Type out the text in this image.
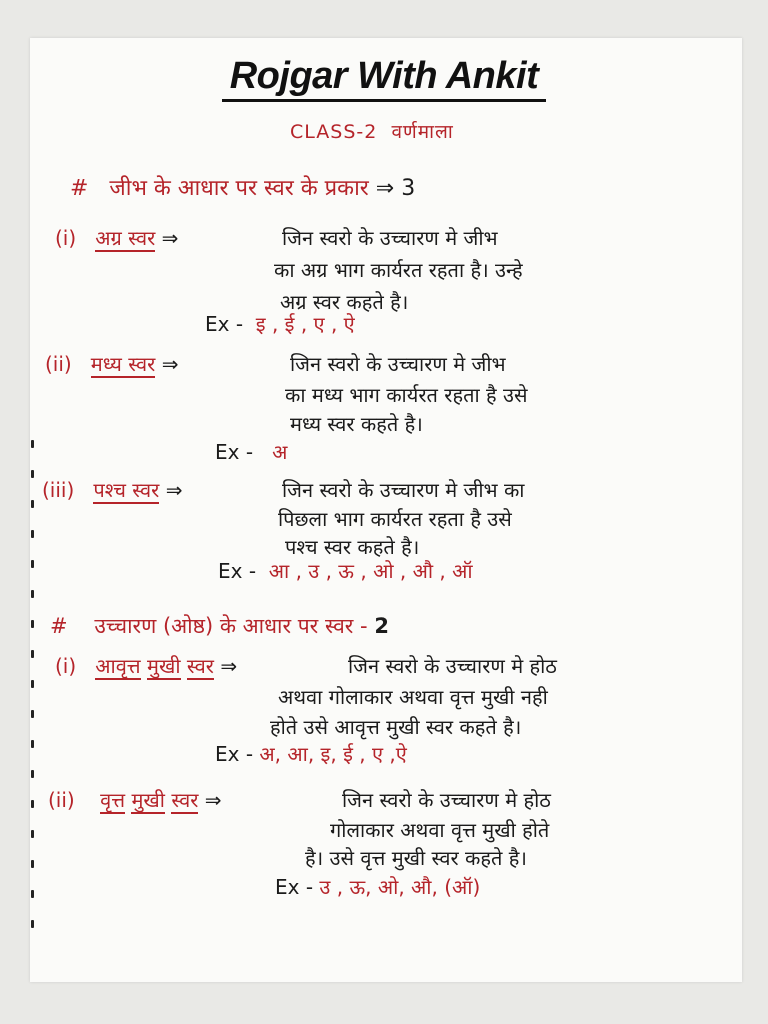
Rojgar With Ankit
CLASS-2 वर्णमाला
# जीभ के आधार पर स्वर के प्रकार ⇒ 3
(i) अग्र स्वर ⇒	जिन स्वरो के उच्चारण मे जीभ
का अग्र भाग कार्यरत रहता है। उन्हे
अग्र स्वर कहते है।
Ex - इ , ई , ए , ऐ
(ii) मध्य स्वर ⇒	जिन स्वरो के उच्चारण मे जीभ
का मध्य भाग कार्यरत रहता है उसे
मध्य स्वर कहते है।
Ex - अ
(iii) पश्च स्वर ⇒	जिन स्वरो के उच्चारण मे जीभ का
पिछला भाग कार्यरत रहता है उसे
पश्च स्वर कहते है।
Ex - आ , उ , ऊ , ओ , औ , ऑ
# उच्चारण (ओष्ठ) के आधार पर स्वर - 2
(i) आवृत्त मुखी स्वर ⇒	जिन स्वरो के उच्चारण मे होठ
अथवा गोलाकार अथवा वृत्त मुखी नही
होते उसे आवृत्त मुखी स्वर कहते है।
Ex - अ, आ, इ, ई , ए ,ऐ
(ii) वृत्त मुखी स्वर ⇒	जिन स्वरो के उच्चारण मे होठ
गोलाकार अथवा वृत्त मुखी होते
है। उसे वृत्त मुखी स्वर कहते है।
Ex - उ , ऊ, ओ, औ, (ऑ)
